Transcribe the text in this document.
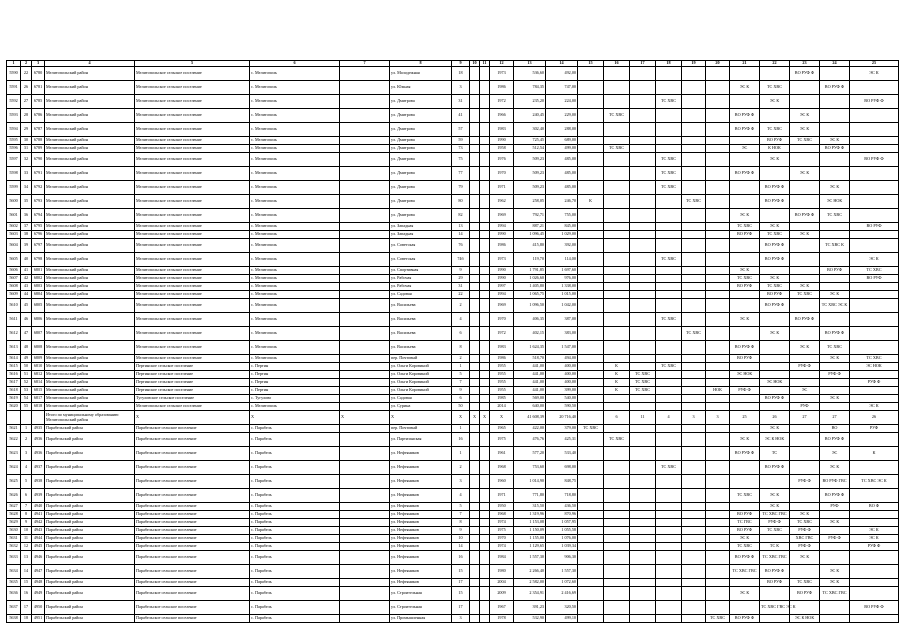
1	2	3	4	5	6	7	8	9	10	11	12	13	14	15	16	17	18	19	20	21	22	23	24	25
5590	22	6780	Мелитопольский район	Мелитопольское сельское поселение	с. Мелитополь		ул. Молодежная	18			1973	536,60	492,00									ВО РУФ Ф		ЭС К
5591	26	6781	Мелитопольский район	Мелитопольское сельское поселение	с. Мелитополь		ул. Южная	3			1986	784,35	747,00							ЭС К	ТС ХВС		ВО РУФ Ф	
5592	27	6785	Мелитопольский район	Мелитопольское сельское поселение	с. Мелитополь		ул. Дмитрова	31			1972	235,20	224,00				ТС ХВС				ЭС К			ВО РУФ Ф
5593	28	6786	Мелитопольский район	Мелитопольское сельское поселение	с. Мелитополь		ул. Дмитрова	41			1966	240,45	229,00		ТС ХВС					ВО РУФ Ф		ЭС К		
5594	29	6787	Мелитопольский район	Мелитопольское сельское поселение	с. Мелитополь		ул. Дмитрова	57			1983	302,40	288,00							ВО РУФ Ф	ТС ХВС	ЭС К		
5595	30	6788	Мелитопольский район	Мелитопольское сельское поселение	с. Мелитополь		ул. Дмитрова	59			1990	725,45	689,00								ВО РУФ	ТС ХВС	ЭС К	
5596	31	6789	Мелитопольский район	Мелитопольское сельское поселение	с. Мелитополь		ул. Дмитрова	73			1958	512,54	499,00		ТС ХВС					ЭС	К НОК		ВО РУФ Ф	
5597	32	6790	Мелитопольский район	Мелитопольское сельское поселение	с. Мелитополь		ул. Дмитрова	75			1976	509,23	485,00				ТС ХВС				ЭС К			ВО РУФ Ф
5598	33	6791	Мелитопольский район	Мелитопольское сельское поселение	с. Мелитополь		ул. Дмитрова	77			1970	509,23	485,00				ТС ХВС			ВО РУФ Ф		ЭС К		
5599	34	6792	Мелитопольский район	Мелитопольское сельское поселение	с. Мелитополь		ул. Дмитрова	79			1971	509,23	485,00				ТС ХВС				ВО РУФ Ф		ЭС К	
5600	35	6793	Мелитопольский район	Мелитопольское сельское поселение	с. Мелитополь		ул. Дмитрова	80			1962	258,05	246,70	К				ТС ХВС			ВО РУФ Ф		ЭС НОК	
5601	36	6794	Мелитопольский район	Мелитопольское сельское поселение	с. Мелитополь		ул. Дмитрова	82			1969	792,71	755,00							ЭС К		ВО РУФ Ф	ТС ХВС	
5602	37	6795	Мелитопольский район	Мелитопольское сельское поселение	с. Мелитополь		ул. Западная	13			1994	887,21	845,00							ТС ХВС	ЭС К			ВО РУФ
5603	38	6796	Мелитопольский район	Мелитопольское сельское поселение	с. Мелитополь		ул. Западная	14			1990	1 096,45	1 029,00							ВО РУФ	ТС ХВС	ЭС К		
5604	39	6797	Мелитопольский район	Мелитопольское сельское поселение	с. Мелитополь		ул. Советская	76			1986	415,80	392,00								ВО РУФ Ф		ТС ХВС К	
5605	40	6798	Мелитопольский район	Мелитопольское сельское поселение	с. Мелитополь		ул. Советская	74б			1973	119,70	114,00				ТС ХВС				ВО РУФ Ф			ЭС К
5606	41	6801	Мелитопольский район	Мелитопольское сельское поселение	с. Мелитополь		ул. Спортивная	9			1990	1 791,85	1 697,60							ЭС К			ВО РУФ	ТС ХВС
5607	42	6802	Мелитопольский район	Мелитопольское сельское поселение	с. Мелитополь		ул. Рабочая	29			1990	1 026,60	976,00							ТС ХВС	ЭС К			ВО РУФ
5608	43	6803	Мелитопольский район	Мелитопольское сельское поселение	с. Мелитополь		ул. Рабочая	31			1997	1 405,80	1 338,00							ВО РУФ	ТС ХВС	ЭС К		
5609	44	6804	Мелитопольский район	Мелитопольское сельское поселение	с. Мелитополь		ул. Садовая	22			1994	1 065,75	1 015,00								ВО РУФ	ТС ХВС	ЭС К	
5610	45	6805	Мелитопольский район	Мелитопольское сельское поселение	с. Мелитополь		ул. Васильева	2			1969	1 096,50	1 042,00								ВО РУФ Ф		ТС ХВС ЭС К	
5611	46	6806	Мелитопольский район	Мелитопольское сельское поселение	с. Мелитополь		ул. Васильева	4			1970	406,35	387,00				ТС ХВС			ЭС К		ВО РУФ Ф		
5612	47	6807	Мелитопольский район	Мелитопольское сельское поселение	с. Мелитополь		ул. Васильева	6			1972	402,15	383,00					ТС ХВС			ЭС К		ВО РУФ Ф	
5613	48	6808	Мелитопольский район	Мелитопольское сельское поселение	с. Мелитополь		ул. Васильева	8			1983	1 624,35	1 547,00							ВО РУФ Ф		ЭС К	ТС ХВС	
5614	49	6809	Мелитопольский район	Мелитопольское сельское поселение	с. Мелитополь		пер. Почтовый	2			1986	518,70	494,00							ВО РУФ			ЭС К	ТС ХВС
5615	50	6810	Мелитопольский район	Пертинское сельское поселение	с. Пертин		ул. Ольги Коровиной	1			1955	441,00	400,00		К		ТС ХВС					РУФ Ф		ЭС НОК
5616	51	6812	Мелитопольский район	Пертинское сельское поселение	с. Пертин		ул. Ольги Коровиной	5			1955	441,00	400,00		К	ТС ХВС				ЭС НОК			РУФ Ф	
5617	52	6814	Мелитопольский район	Пертинское сельское поселение	с. Пертин		ул. Ольги Коровиной	7			1955	441,00	400,00		К	ТС ХВС					ЭС НОК			РУФ Ф
5618	53	6815	Мелитопольский район	Пертинское сельское поселение	с. Пертин		ул. Ольги Коровиной	9			1955	441,00	399,00		К	ТС ХВС			НОК	РУФ Ф		ЭС		
5619	54	6817	Мелитопольский район	Тугуловское сельское поселение	с. Тугулово		ул. Садовая	6			1985	569,00	540,00								ВО РУФ Ф		ЭС К	
5620	55	6818	Мелитопольский район	Мелитопольское сельское поселение	с. Мелитополь		ул. Сурина	50			2014	640,00	590,50									РУФ		ЭС К
			Итого по муниципальному образованию: Мелитопольский район	X	X	X	X	X	X	X	X	41 608,39	20 716,40		6	11	4	3	3	25	26	27	27	26
5621	1	4935	Парабельский район	Парабельское сельское поселение	с. Парабель		пер. Почтовый	1			1965	422,00	379,00	ТС ХВС							ЭС К		ВО	РУФ
5622	2	4936	Парабельский район	Парабельское сельское поселение	с. Парабель		ул. Партизанская	16			1975	476,76	425,31		ТС ХВС					ЭС К	ЭС К НОК		ВО РУФ Ф	
5623	3	4936	Парабельский район	Парабельское сельское поселение	с. Парабель		ул. Нефтяников	1			1961	577,20	533,40							ВО РУФ Ф	ТС		ЭС	К
5624	4	4937	Парабельский район	Парабельское сельское поселение	с. Парабель		ул. Нефтяников	2			1968	753,60	698,00				ТС ХВС				ВО РУФ Ф		ЭС К	
5625	5	4938	Парабельский район	Парабельское сельское поселение	с. Парабель		ул. Нефтяников	3			1960	1 014,90	848,75									РУФ Ф	ВО РУФ ГВС	ТС ХВС ЭС К
5626	6	4939	Парабельский район	Парабельское сельское поселение	с. Парабель		ул. Нефтяников	4			1971	771,80	718,80							ТС ХВС	ЭС К		ВО РУФ Ф	
5627	7	4940	Парабельский район	Парабельское сельское поселение	с. Парабель		ул. Нефтяников	5			1950	315,50	436,50								ЭС К		РУФ	ВО Ф
5628	8	4941	Парабельский район	Парабельское сельское поселение	с. Парабель		ул. Нефтяников	7			1968	1 319,96	870,96							ВО РУФ	ТС ХВС ГВС	ЭС К		
5629	9	4942	Парабельский район	Парабельское сельское поселение	с. Парабель		ул. Нефтяников	8			1974	1 153,08	1 057,95							ТС ГВС	РУФ Ф	ТС ХВС	ЭС К	
5630	10	4943	Парабельский район	Парабельское сельское поселение	с. Парабель		ул. Нефтяников	9			1975	1 150,09	1 055,58							ВО РУФ	ТС ХВС	РУФ Ф		ЭС К
5631	11	4944	Парабельский район	Парабельское сельское поселение	с. Парабель		ул. Нефтяников	10			1970	1 155,00	1 076,00							ЭС К		ХВС ГВС	РУФ Ф	ЭС К
5632	12	4945	Парабельский район	Парабельское сельское поселение	с. Парабель		ул. Нефтяников	14			1974	1 129,65	1 039,34							ТС ХВС	ТС К	РУФ Ф		РУФ Ф
5633	13	4946	Парабельский район	Парабельское сельское поселение	с. Парабель		ул. Нефтяников	16			1984	1 557,30	906,30							ВО РУФ Ф	ТС ХВС ГВС	ЭС К		
5634	14	4947	Парабельский район	Парабельское сельское поселение	с. Парабель		ул. Нефтяников	15			1980	2 266,40	1 557,30							ТС ХВС ГВС	ВО РУФ Ф		ЭС К	
5635	15	4948	Парабельский район	Парабельское сельское поселение	с. Парабель		ул. Нефтяников	17			2004	2 582,00	1 072,60								ВО РУФ	ТС ХВС	ЭС К	
5636	16	4949	Парабельский район	Парабельское сельское поселение	с. Парабель		ул. Строительная	15			2009	2 354,91	2 416,69							ЭС К		ВО РУФ	ТС ХВС ГВС	
5637	17	4950	Парабельский район	Парабельское сельское поселение	с. Парабель		ул. Строительная	17			1967	391,23	320,50								ТС ХВС ГВС ЭС К			ВО РУФ Ф
5638	18	4951	Парабельский район	Парабельское сельское поселение	с. Парабель		ул. Промышленная	3			1978	532,90	499,10						ТС ХВС	ВО РУФ Ф		ЭС К НОК		
